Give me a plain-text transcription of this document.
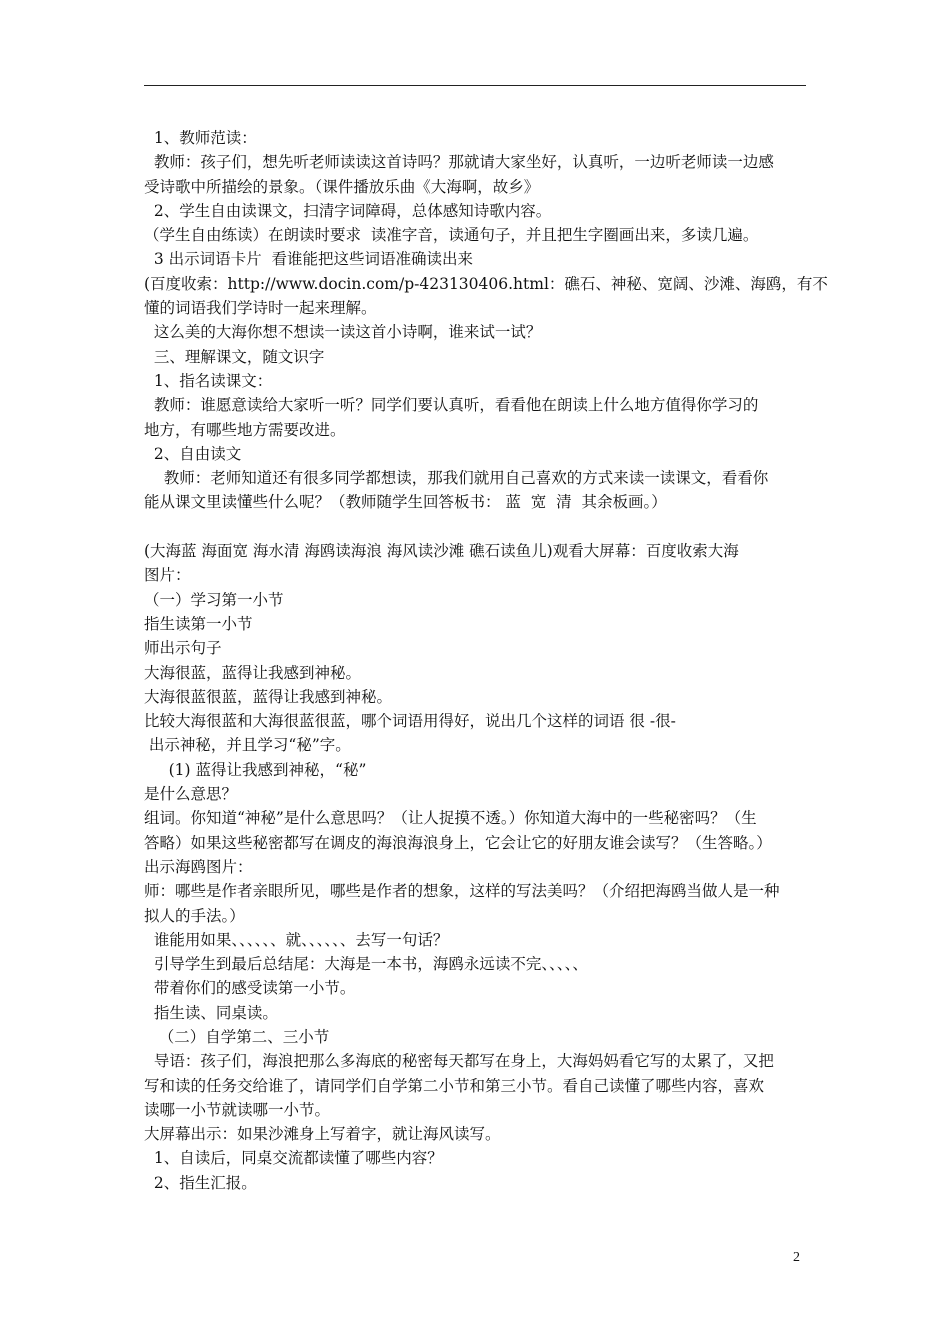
1、教师范读：
教师：孩子们，想先听老师读读这首诗吗？那就请大家坐好，认真听，一边听老师读一边感
受诗歌中所描绘的景象。（课件播放乐曲《大海啊，故乡》
2、学生自由读课文，扫清字词障碍，总体感知诗歌内容。
（学生自由练读）在朗读时要求  读准字音，读通句子，并且把生字圈画出来，多读几遍。
3 出示词语卡片  看谁能把这些词语准确读出来
(百度收索：http://www.docin.com/p-423130406.html：礁石、神秘、宽阔、沙滩、海鸥，有不
懂的词语我们学诗时一起来理解。
这么美的大海你想不想读一读这首小诗啊，谁来试一试？
三、理解课文，随文识字
1、指名读课文：
教师：谁愿意读给大家听一听？同学们要认真听，看看他在朗读上什么地方值得你学习的
地方，有哪些地方需要改进。
2、自由读文
教师：老师知道还有很多同学都想读，那我们就用自己喜欢的方式来读一读课文，看看你
能从课文里读懂些什么呢？（教师随学生回答板书： 蓝  宽  清  其余板画。）
(大海蓝 海面宽 海水清 海鸥读海浪 海风读沙滩 礁石读鱼儿)观看大屏幕：百度收索大海
图片：
（一）学习第一小节
指生读第一小节
师出示句子
大海很蓝，蓝得让我感到神秘。
大海很蓝很蓝，蓝得让我感到神秘。
比较大海很蓝和大海很蓝很蓝，哪个词语用得好，说出几个这样的词语 很 -很-
出示神秘，并且学习“秘”字。
(1) 蓝得让我感到神秘，“秘”
是什么意思？
组词。你知道“神秘”是什么意思吗？（让人捉摸不透。）你知道大海中的一些秘密吗？（生
答略）如果这些秘密都写在调皮的海浪海浪身上，它会让它的好朋友谁会读写？（生答略。）
出示海鸥图片：
师：哪些是作者亲眼所见，哪些是作者的想象，这样的写法美吗？（介绍把海鸥当做人是一种
拟人的手法。）
谁能用如果、、、、、、就、、、、、、去写一句话？
引导学生到最后总结尾：大海是一本书，海鸥永远读不完、、、、、
带着你们的感受读第一小节。
指生读、同桌读。
（二）自学第二、三小节
导语：孩子们，海浪把那么多海底的秘密每天都写在身上，大海妈妈看它写的太累了，又把
写和读的任务交给谁了，请同学们自学第二小节和第三小节。看自己读懂了哪些内容，喜欢
读哪一小节就读哪一小节。
大屏幕出示：如果沙滩身上写着字，就让海风读写。
1、自读后，同桌交流都读懂了哪些内容？
2、指生汇报。
2
